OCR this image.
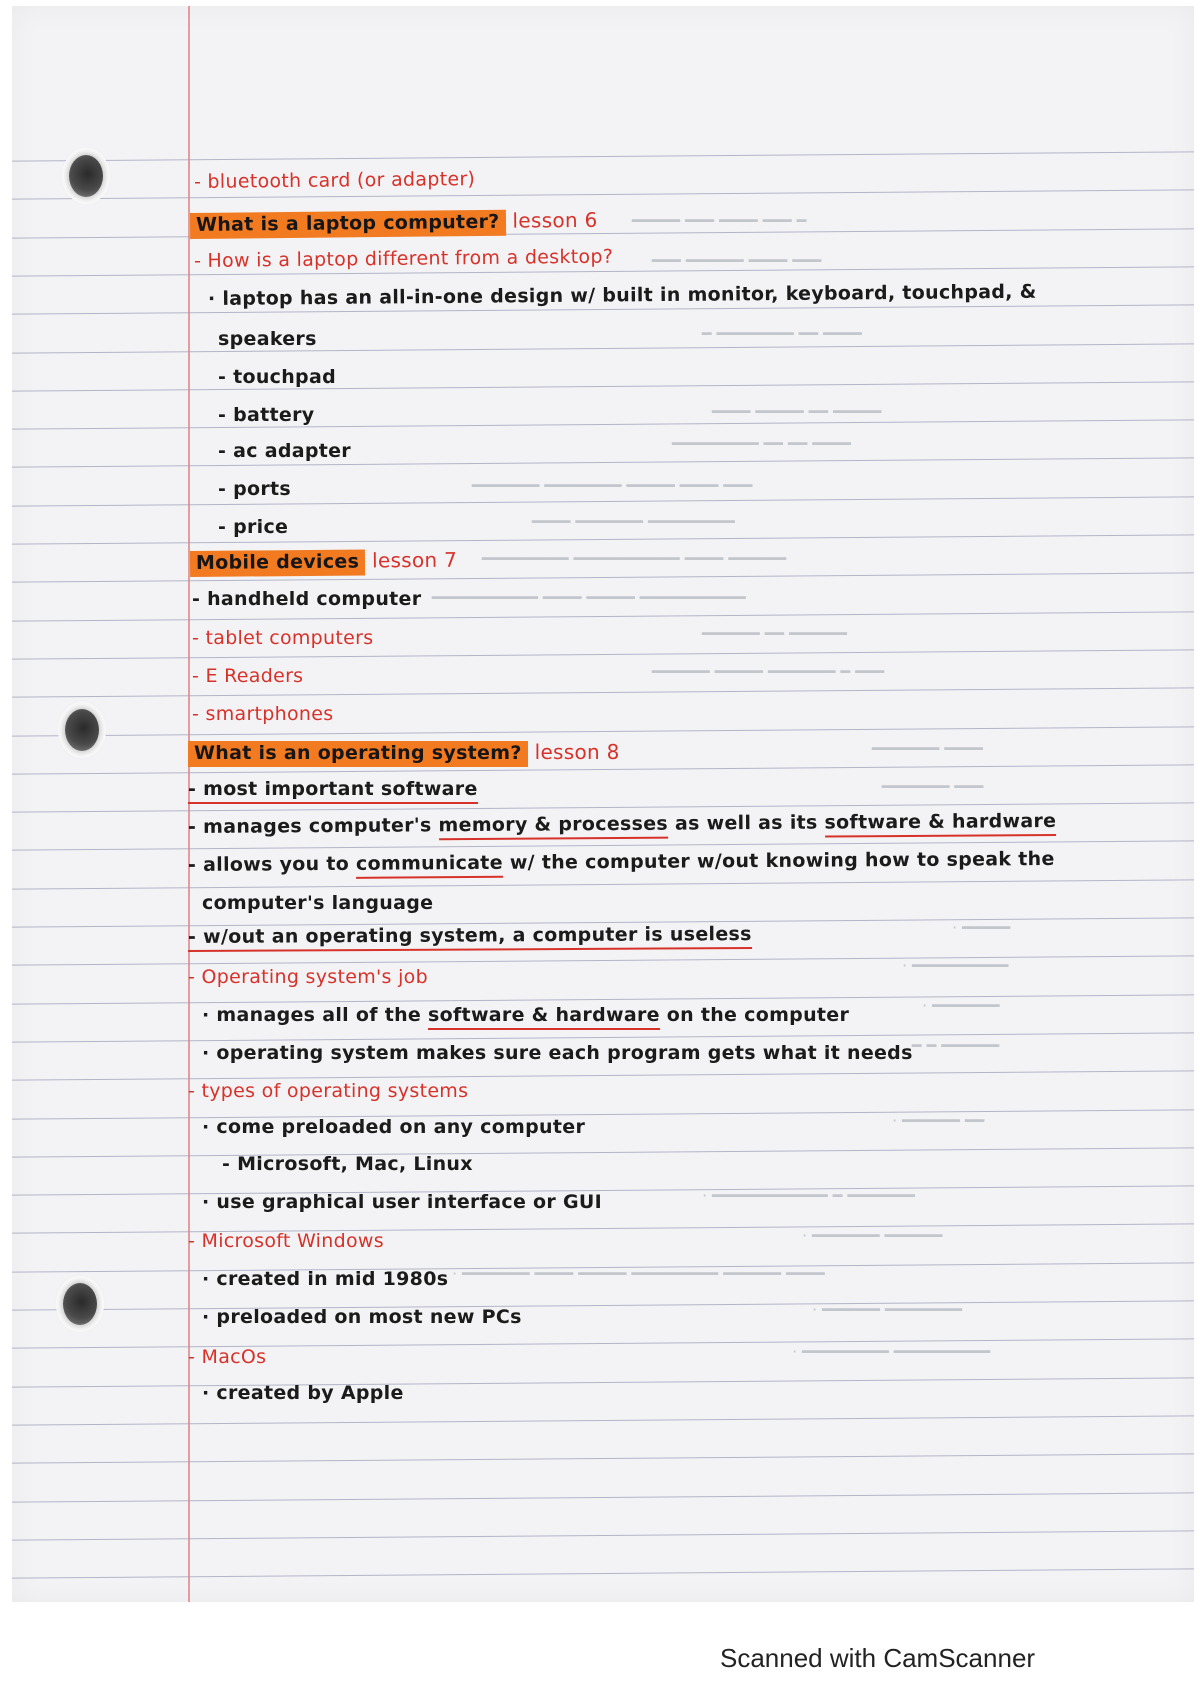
━ ━━━ ━━━━ ━━━ ━━━━━
━━━ ━━━━ ━━━━━━ ━━━
━━━━ ━━ ━━━━━━━━ ━
━━━━━ ━━ ━━━━━ ━━━━
━━━━ ━━ ━━ ━━━━━━━━━
━━━ ━━━━ ━━━━━ ━━━━━━━━ ━━━━━━━
━━━━━━━━━ ━━━━━━━ ━━━━
━━━━━━ ━━━━ ━━━━━━━━━━━ ━━━━━━━━━
━━━━━━━━━━━ ━━━━━ ━━━━ ━━━━━━━━━━━
━━━━━━ ━━ ━━━━━━
━━━ ━ ━━━━━━━ ━━━━━ ━━━━━━
━━━━ ━━━━━━━
━━━ ━━━━━━━
━━━━━ ·
━━━━━━━━━━ ·
━━━━━━━ ·
━━━━━━ ━ ━
━━ ━━━━━━ ·
━━━━━━━ ━ ━━━━━━━━━━━━ ·
━━━━━━ ━━━━━━━ ·
━━━━ ━━━━━━ ━━━━━━━━━ ━━━━━ ━━━━ ━━━━━━━ ·
━━━━━━━━ ━━━━━━ ·
━━━━━━━━━━ ━━━━━━━━━ ·
- bluetooth card (or adapter)
What is a laptop computer? lesson 6
- How is a laptop different from a desktop?
· laptop has an all-in-one design w/ built in monitor, keyboard, touchpad, &
speakers
- touchpad
- battery
- ac adapter
- ports
- price
Mobile devices lesson 7
- handheld computer
- tablet computers
- E Readers
- smartphones
What is an operating system? lesson 8
- most important software
- manages computer's memory & processes as well as its software & hardware
- allows you to communicate w/ the computer w/out knowing how to speak the
computer's language
- w/out an operating system, a computer is useless
- Operating system's job
· manages all of the software & hardware on the computer
· operating system makes sure each program gets what it needs
- types of operating systems
· come preloaded on any computer
- Microsoft, Mac, Linux
· use graphical user interface or GUI
- Microsoft Windows
· created in mid 1980s
· preloaded on most new PCs
- MacOs
· created by Apple
Scanned with CamScanner
